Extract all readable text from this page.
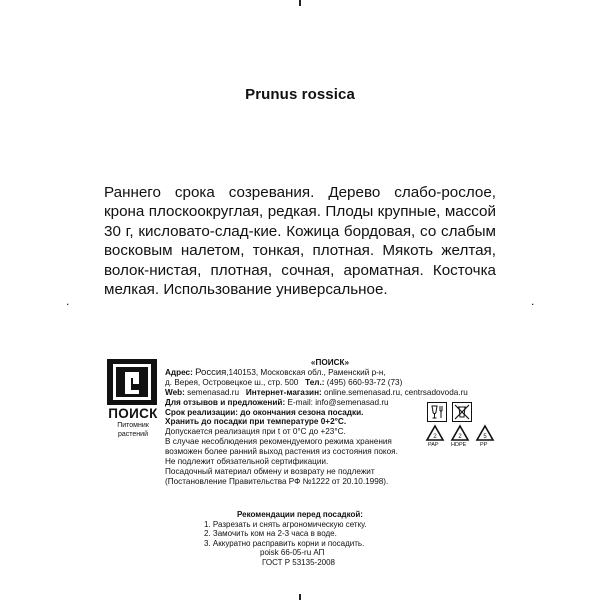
Prunus rossica
Раннего срока созревания. Дерево слабо-рослое, крона плоскоокруглая, редкая. Плоды крупные, массой 30 г, кисловато-слад-кие. Кожица бордовая, со слабым восковым налетом, тонкая, плотная. Мякоть желтая, волок-нистая, плотная, сочная, ароматная. Косточка мелкая. Использование универсальное.
.	.
ПОИСК
Питомник
растений
«ПОИСК»
Адрес: Россия,140153, Московская обл., Раменский р-н,
д. Верея, Островецкое ш., стр. 500 Тел.: (495) 660-93-72 (73)
Web: semenasad.ru Интернет-магазин: online.semenasad.ru, centrsadovoda.ru
Для отзывов и предложений: E-mail: info@semenasad.ru
Срок реализации: до окончания сезона посадки.
Хранить до посадки при температуре 0+2°С.
Допускается реализация при t от 0°С до +23°С.
В случае несоблюдения рекомендуемого режима хранения
возможен более ранний выход растения из состояния покоя.
Не подлежит обязательной сертификации.
Посадочный материал обмену и возврату не подлежит
(Постановление Правительства РФ №1222 от 20.10.1998).
2	2	5
PAP HDPE PP
Рекомендации перед посадкой:
1. Разрезать и снять агрономическую сетку.
2. Замочить ком на 2-3 часа в воде.
3. Аккуратно расправить корни и посадить.
poisk 66-05-ru АП
ГОСТ Р 53135-2008
